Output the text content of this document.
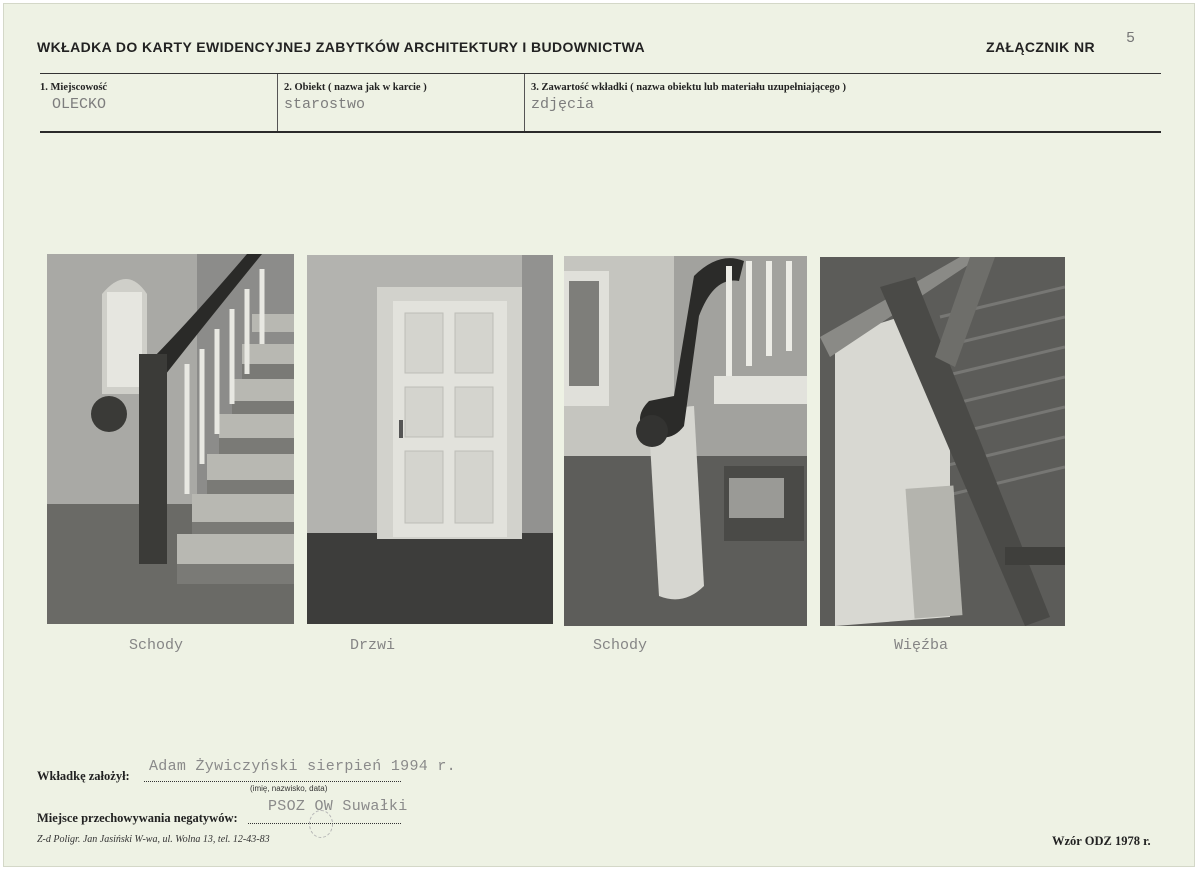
WKŁADKA DO KARTY EWIDENCYJNEJ ZABYTKÓW ARCHITEKTURY I BUDOWNICTWA	ZAŁĄCZNIK NR 5
1. Miejscowość
OLECKO
2. Obiekt ( nazwa jak w karcie )
starostwo
3. Zawartość wkładki ( nazwa obiektu lub materiału uzupełniającego )
zdjęcia
Schody	Drzwi	Schody	Więźba
Wkładkę założył:
Adam Żywiczyński sierpień 1994 r.
(imię, nazwisko, data)
Miejsce przechowywania negatywów:
PSOZ OW Suwałki
Z-d Poligr. Jan Jasiński W-wa, ul. Wolna 13, tel. 12-43-83	Wzór ODZ 1978 r.
